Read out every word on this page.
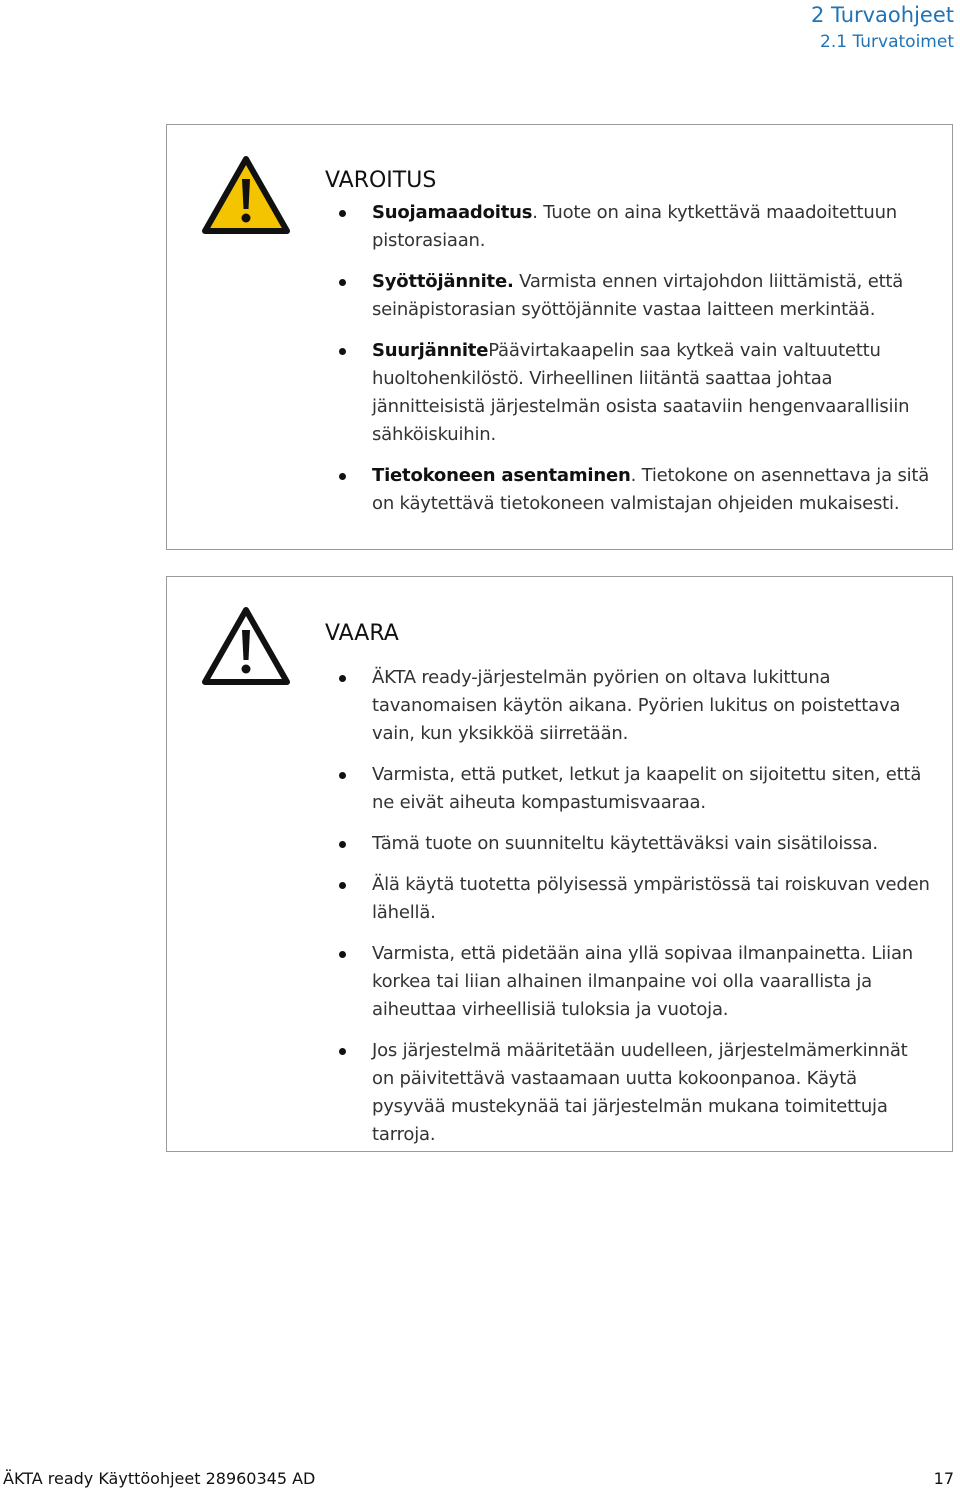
2 Turvaohjeet
2.1 Turvatoimet
VAROITUS
Suojamaadoitus. Tuote on aina kytkettävä maadoitettuun pistorasiaan.
Syöttöjännite. Varmista ennen virtajohdon liittämistä, että seinäpistorasian syöttöjännite vastaa laitteen merkintää.
SuurjännitePäävirtakaapelin saa kytkeä vain valtuutettu huoltohenkilöstö. Virheellinen liitäntä saattaa johtaa jännitteisistä järjestelmän osista saataviin hengenvaarallisiin sähköiskuihin.
Tietokoneen asentaminen. Tietokone on asennettava ja sitä on käytettävä tietokoneen valmistajan ohjeiden mukaisesti.
VAARA
ÄKTA ready-järjestelmän pyörien on oltava lukittuna tavanomaisen käytön aikana. Pyörien lukitus on poistettava vain, kun yksikköä siirretään.
Varmista, että putket, letkut ja kaapelit on sijoitettu siten, että ne eivät aiheuta kompastumisvaaraa.
Tämä tuote on suunniteltu käytettäväksi vain sisätiloissa.
Älä käytä tuotetta pölyisessä ympäristössä tai roiskuvan veden lähellä.
Varmista, että pidetään aina yllä sopivaa ilmanpainetta. Liian korkea tai liian alhainen ilmanpaine voi olla vaarallista ja aiheuttaa virheellisiä tuloksia ja vuotoja.
Jos järjestelmä määritetään uudelleen, järjestelmämerkinnät on päivitettävä vastaamaan uutta kokoonpanoa. Käytä pysyvää mustekynää tai järjestelmän mukana toimitettuja tarroja.
ÄKTA ready Käyttöohjeet 28960345 AD	17
